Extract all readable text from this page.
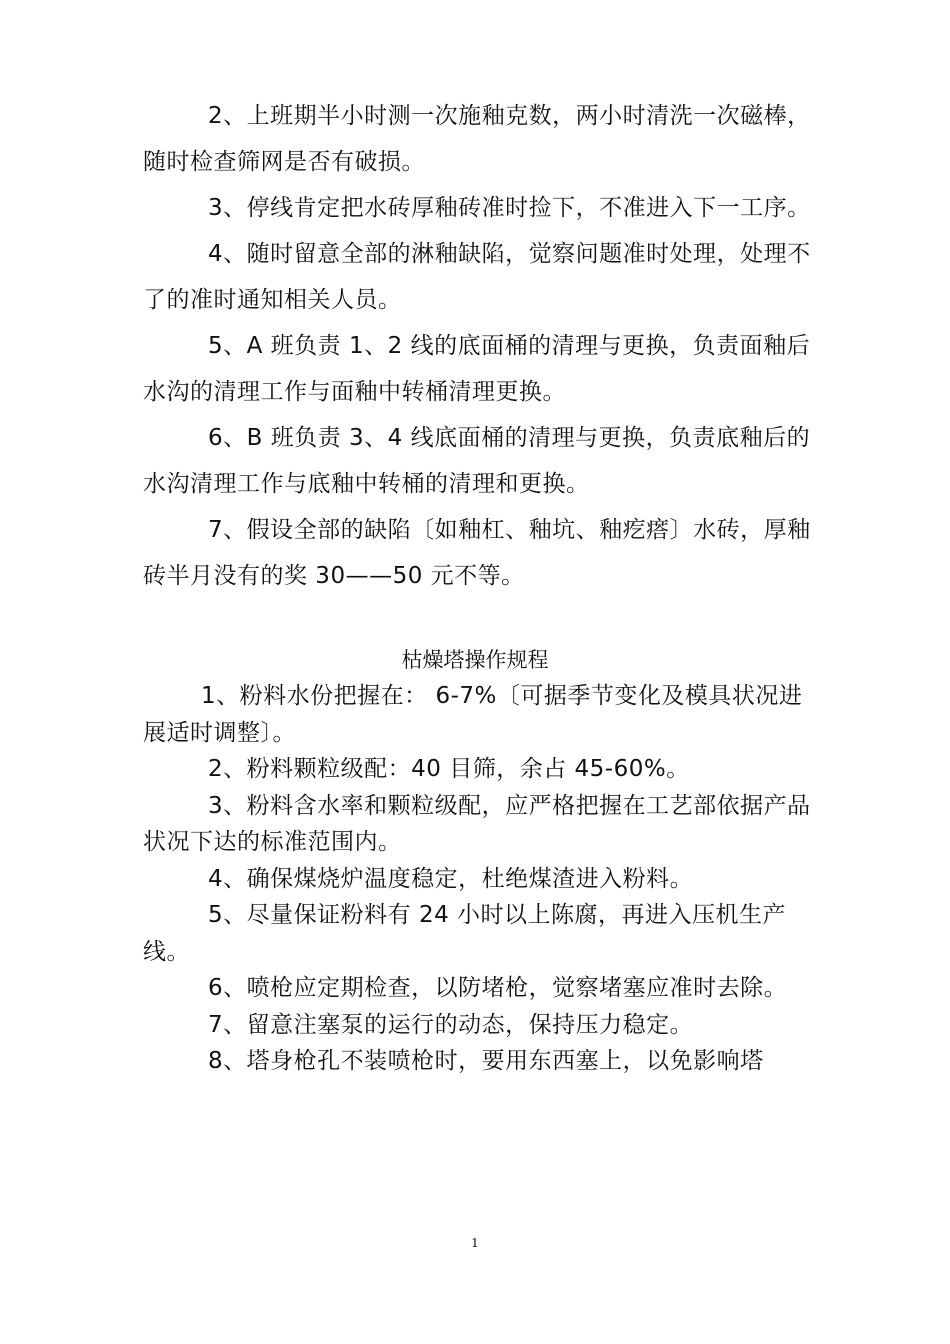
2、上班期半小时测一次施釉克数，两小时清洗一次磁棒，随时检查筛网是否有破损。

3、停线肯定把水砖厚釉砖准时捡下，不准进入下一工序。

4、随时留意全部的淋釉缺陷，觉察问题准时处理，处理不了的准时通知相关人员。

5、A 班负责 1、2 线的底面桶的清理与更换，负责面釉后水沟的清理工作与面釉中转桶清理更换。

6、B 班负责 3、4 线底面桶的清理与更换，负责底釉后的水沟清理工作与底釉中转桶的清理和更换。

7、假设全部的缺陷〔如釉杠、釉坑、釉疙瘩〕水砖，厚釉砖半月没有的奖 30——50 元不等。

枯燥塔操作规程

1、粉料水份把握在： 6-7%〔可据季节变化及模具状况进展适时调整〕。

2、粉料颗粒级配：40 目筛，余占 45-60%。

3、粉料含水率和颗粒级配，应严格把握在工艺部依据产品状况下达的标准范围内。

4、确保煤烧炉温度稳定，杜绝煤渣进入粉料。

5、尽量保证粉料有 24 小时以上陈腐，再进入压机生产线。

6、喷枪应定期检查，以防堵枪，觉察堵塞应准时去除。

7、留意注塞泵的运行的动态，保持压力稳定。

8、塔身枪孔不装喷枪时，要用东西塞上，以免影响塔

1
